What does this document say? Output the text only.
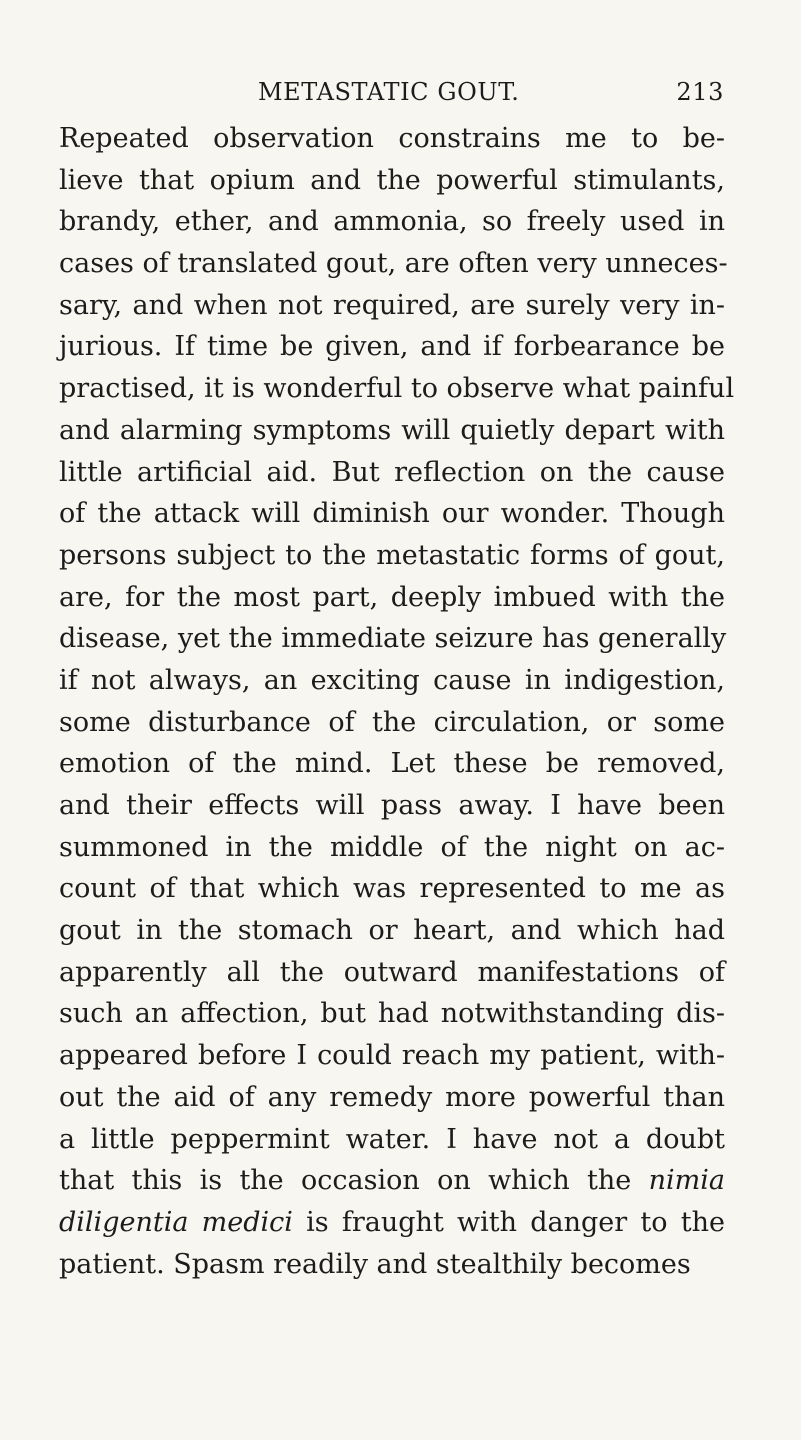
METASTATIC GOUT.	213
Repeated observation constrains me to be-
lieve that opium and the powerful stimulants,
brandy, ether, and ammonia, so freely used in
cases of translated gout, are often very unneces-
sary, and when not required, are surely very in-
jurious. If time be given, and if forbearance be
practised, it is wonderful to observe what painful
and alarming symptoms will quietly depart with
little artificial aid. But reflection on the cause
of the attack will diminish our wonder. Though
persons subject to the metastatic forms of gout,
are, for the most part, deeply imbued with the
disease, yet the immediate seizure has generally
if not always, an exciting cause in indigestion,
some disturbance of the circulation, or some
emotion of the mind. Let these be removed,
and their effects will pass away. I have been
summoned in the middle of the night on ac-
count of that which was represented to me as
gout in the stomach or heart, and which had
apparently all the outward manifestations of
such an affection, but had notwithstanding dis-
appeared before I could reach my patient, with-
out the aid of any remedy more powerful than
a little peppermint water. I have not a doubt
that this is the occasion on which the nimia
diligentia medici is fraught with danger to the
patient. Spasm readily and stealthily becomes
